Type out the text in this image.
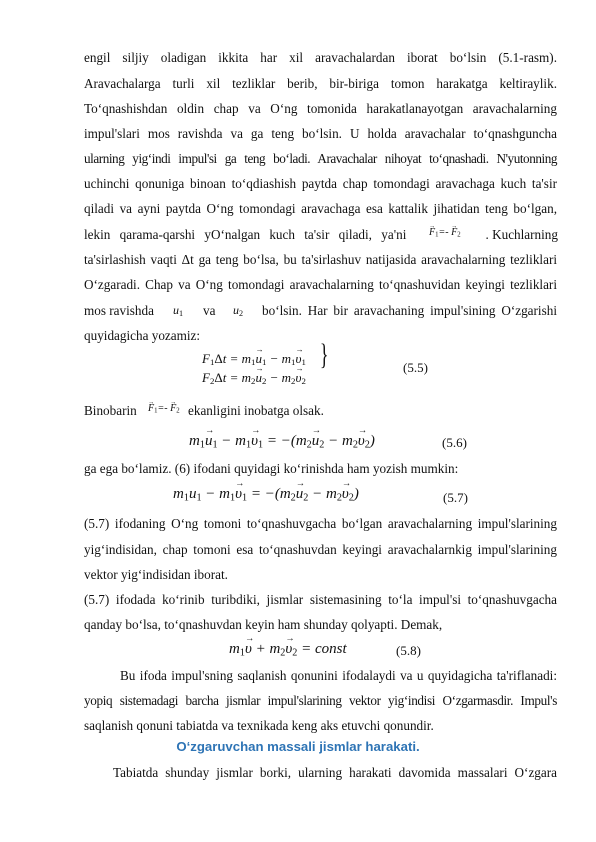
engil siljiy oladigan ikkita har xil aravachalardan iborat bo‘lsin (5.1-rasm).
Aravachalarga turli xil tezliklar berib, bir-biriga tomon harakatga keltiraylik.
To‘qnashishdan oldin chap va O‘ng tomonida harakatlanayotgan aravachalarning
impul'slari mos ravishda va ga teng bo‘lsin. U holda aravachalar to‘qnashguncha
ularning yig‘indi impul'si ga teng bo‘ladi. Aravachalar nihoyat to‘qnashadi. N'yutonning
uchinchi qonuniga binoan to‘qdiashish paytda chap tomondagi aravachaga kuch ta'sir
qiladi va ayni paytda O‘ng tomondagi aravachaga esa kattalik jihatidan teng bo‘lgan,
lekin qarama-qarshi yO‘nalgan kuch ta'sir qiladi, ya'ni	→ $F_1=- \to F_2$	. Kuchlarning
ta'sirlashish vaqti Δt ga teng bo‘lsa, bu ta'sirlashuv natijasida aravachalarning tezliklari
O‘zgaradi. Chap va O‘ng tomondagi aravachalarning to‘qnashuvidan keyingi tezliklari
mos ravishda	$u_1$ va	$u_2$ bo‘lsin. Har bir aravachaning impul'sining O‘zgarishi
quyidagicha yozamiz:
$F_1\Delta t = m_1\to u_1 - m_1\to \upsilon_1$
$F_2\Delta t = m_2\to u_2 - m_2\to \upsilon_2$
}	(5.5)
Binobarin	→ $F_1=- \to F_2$ ekanligini inobatga olsak.
$m_1\to u_1 - m_1\to \upsilon_1 = -(m_2\to u_2 - m_2\to \upsilon_2)$	(5.6)
ga ega bo‘lamiz. (6) ifodani quyidagi ko‘rinishda ham yozish mumkin:
$m_1u_1 - m_1\to \upsilon_1 = -(m_2\to u_2 - m_2\to \upsilon_2)$	(5.7)
(5.7) ifodaning O‘ng tomoni to‘qnashuvgacha bo‘lgan aravachalarning impul'slarining
yig‘indisidan, chap tomoni esa to‘qnashuvdan keyingi aravachalarnkig impul'slarining
vektor yig‘indisidan iborat.
(5.7) ifodada ko‘rinib turibdiki, jismlar sistemasining to‘la impul'si to‘qnashuvgacha
qanday bo‘lsa, to‘qnashuvdan keyin ham shunday qolyapti. Demak,
$m_1\to \upsilon + m_2\to \upsilon_2$ = const	(5.8)
Bu ifoda impul'sning saqlanish qonunini ifodalaydi va u quyidagicha ta'riflanadi:
yopiq sistemadagi barcha jismlar impul'slarining vektor yig‘indisi O‘zgarmasdir. Impul's
saqlanish qonuni tabiatda va texnikada keng aks etuvchi qonundir.
O‘zgaruvchan massali jismlar harakati.
Tabiatda shunday jismlar borki, ularning harakati davomida massalari O‘zgara
